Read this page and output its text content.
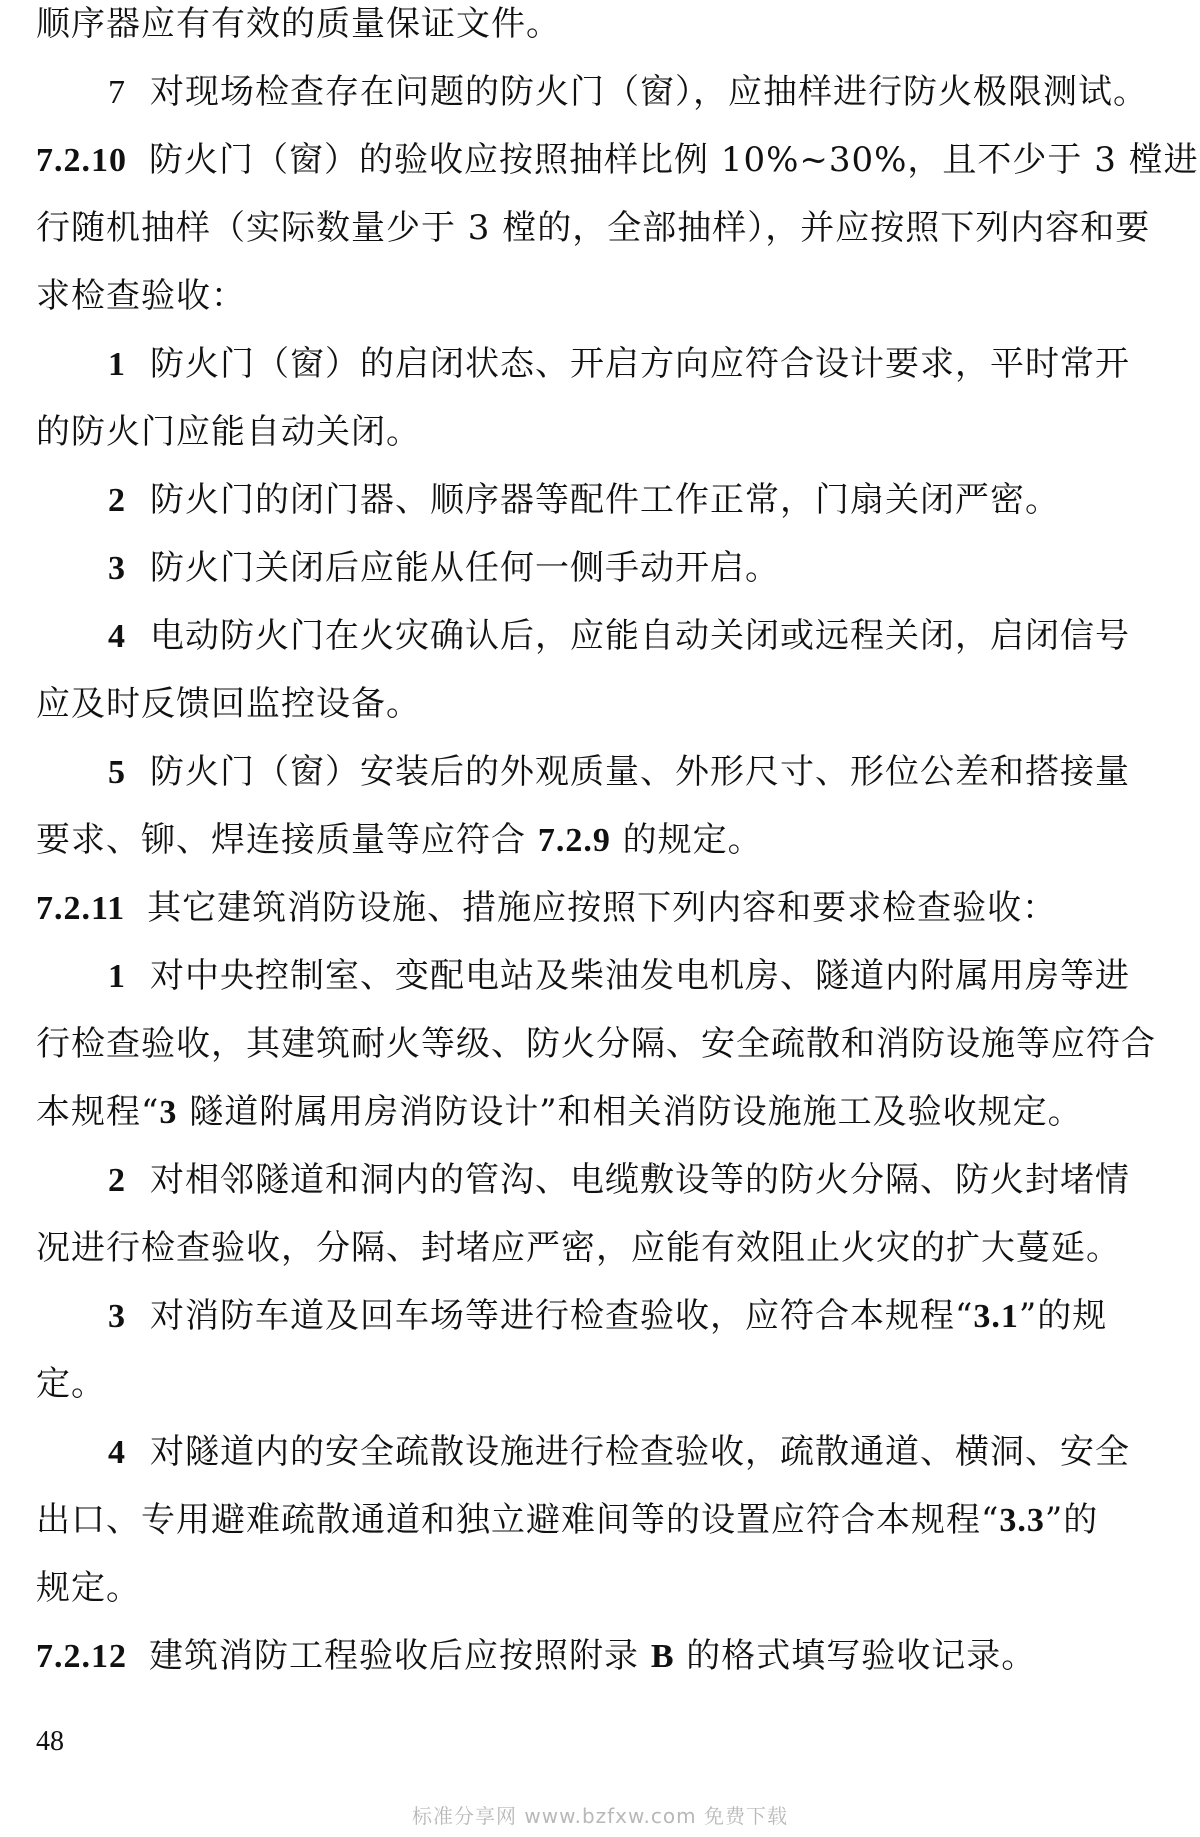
顺序器应有有效的质量保证文件。
7 对现场检查存在问题的防火门（窗），应抽样进行防火极限测试。
7.2.10 防火门（窗）的验收应按照抽样比例 10%~30%，且不少于 3 樘进
行随机抽样（实际数量少于 3 樘的，全部抽样），并应按照下列内容和要
求检查验收：
1 防火门（窗）的启闭状态、开启方向应符合设计要求，平时常开
的防火门应能自动关闭。
2 防火门的闭门器、顺序器等配件工作正常，门扇关闭严密。
3 防火门关闭后应能从任何一侧手动开启。
4 电动防火门在火灾确认后，应能自动关闭或远程关闭，启闭信号
应及时反馈回监控设备。
5 防火门（窗）安装后的外观质量、外形尺寸、形位公差和搭接量
要求、铆、焊连接质量等应符合 7.2.9 的规定。
7.2.11 其它建筑消防设施、措施应按照下列内容和要求检查验收：
1 对中央控制室、变配电站及柴油发电机房、隧道内附属用房等进
行检查验收，其建筑耐火等级、防火分隔、安全疏散和消防设施等应符合
本规程“3 隧道附属用房消防设计”和相关消防设施施工及验收规定。
2 对相邻隧道和洞内的管沟、电缆敷设等的防火分隔、防火封堵情
况进行检查验收，分隔、封堵应严密，应能有效阻止火灾的扩大蔓延。
3 对消防车道及回车场等进行检查验收，应符合本规程“3.1”的规
定。
4 对隧道内的安全疏散设施进行检查验收，疏散通道、横洞、安全
出口、专用避难疏散通道和独立避难间等的设置应符合本规程“3.3”的
规定。
7.2.12 建筑消防工程验收后应按照附录 B 的格式填写验收记录。
48
标准分享网 www.bzfxw.com 免费下载
